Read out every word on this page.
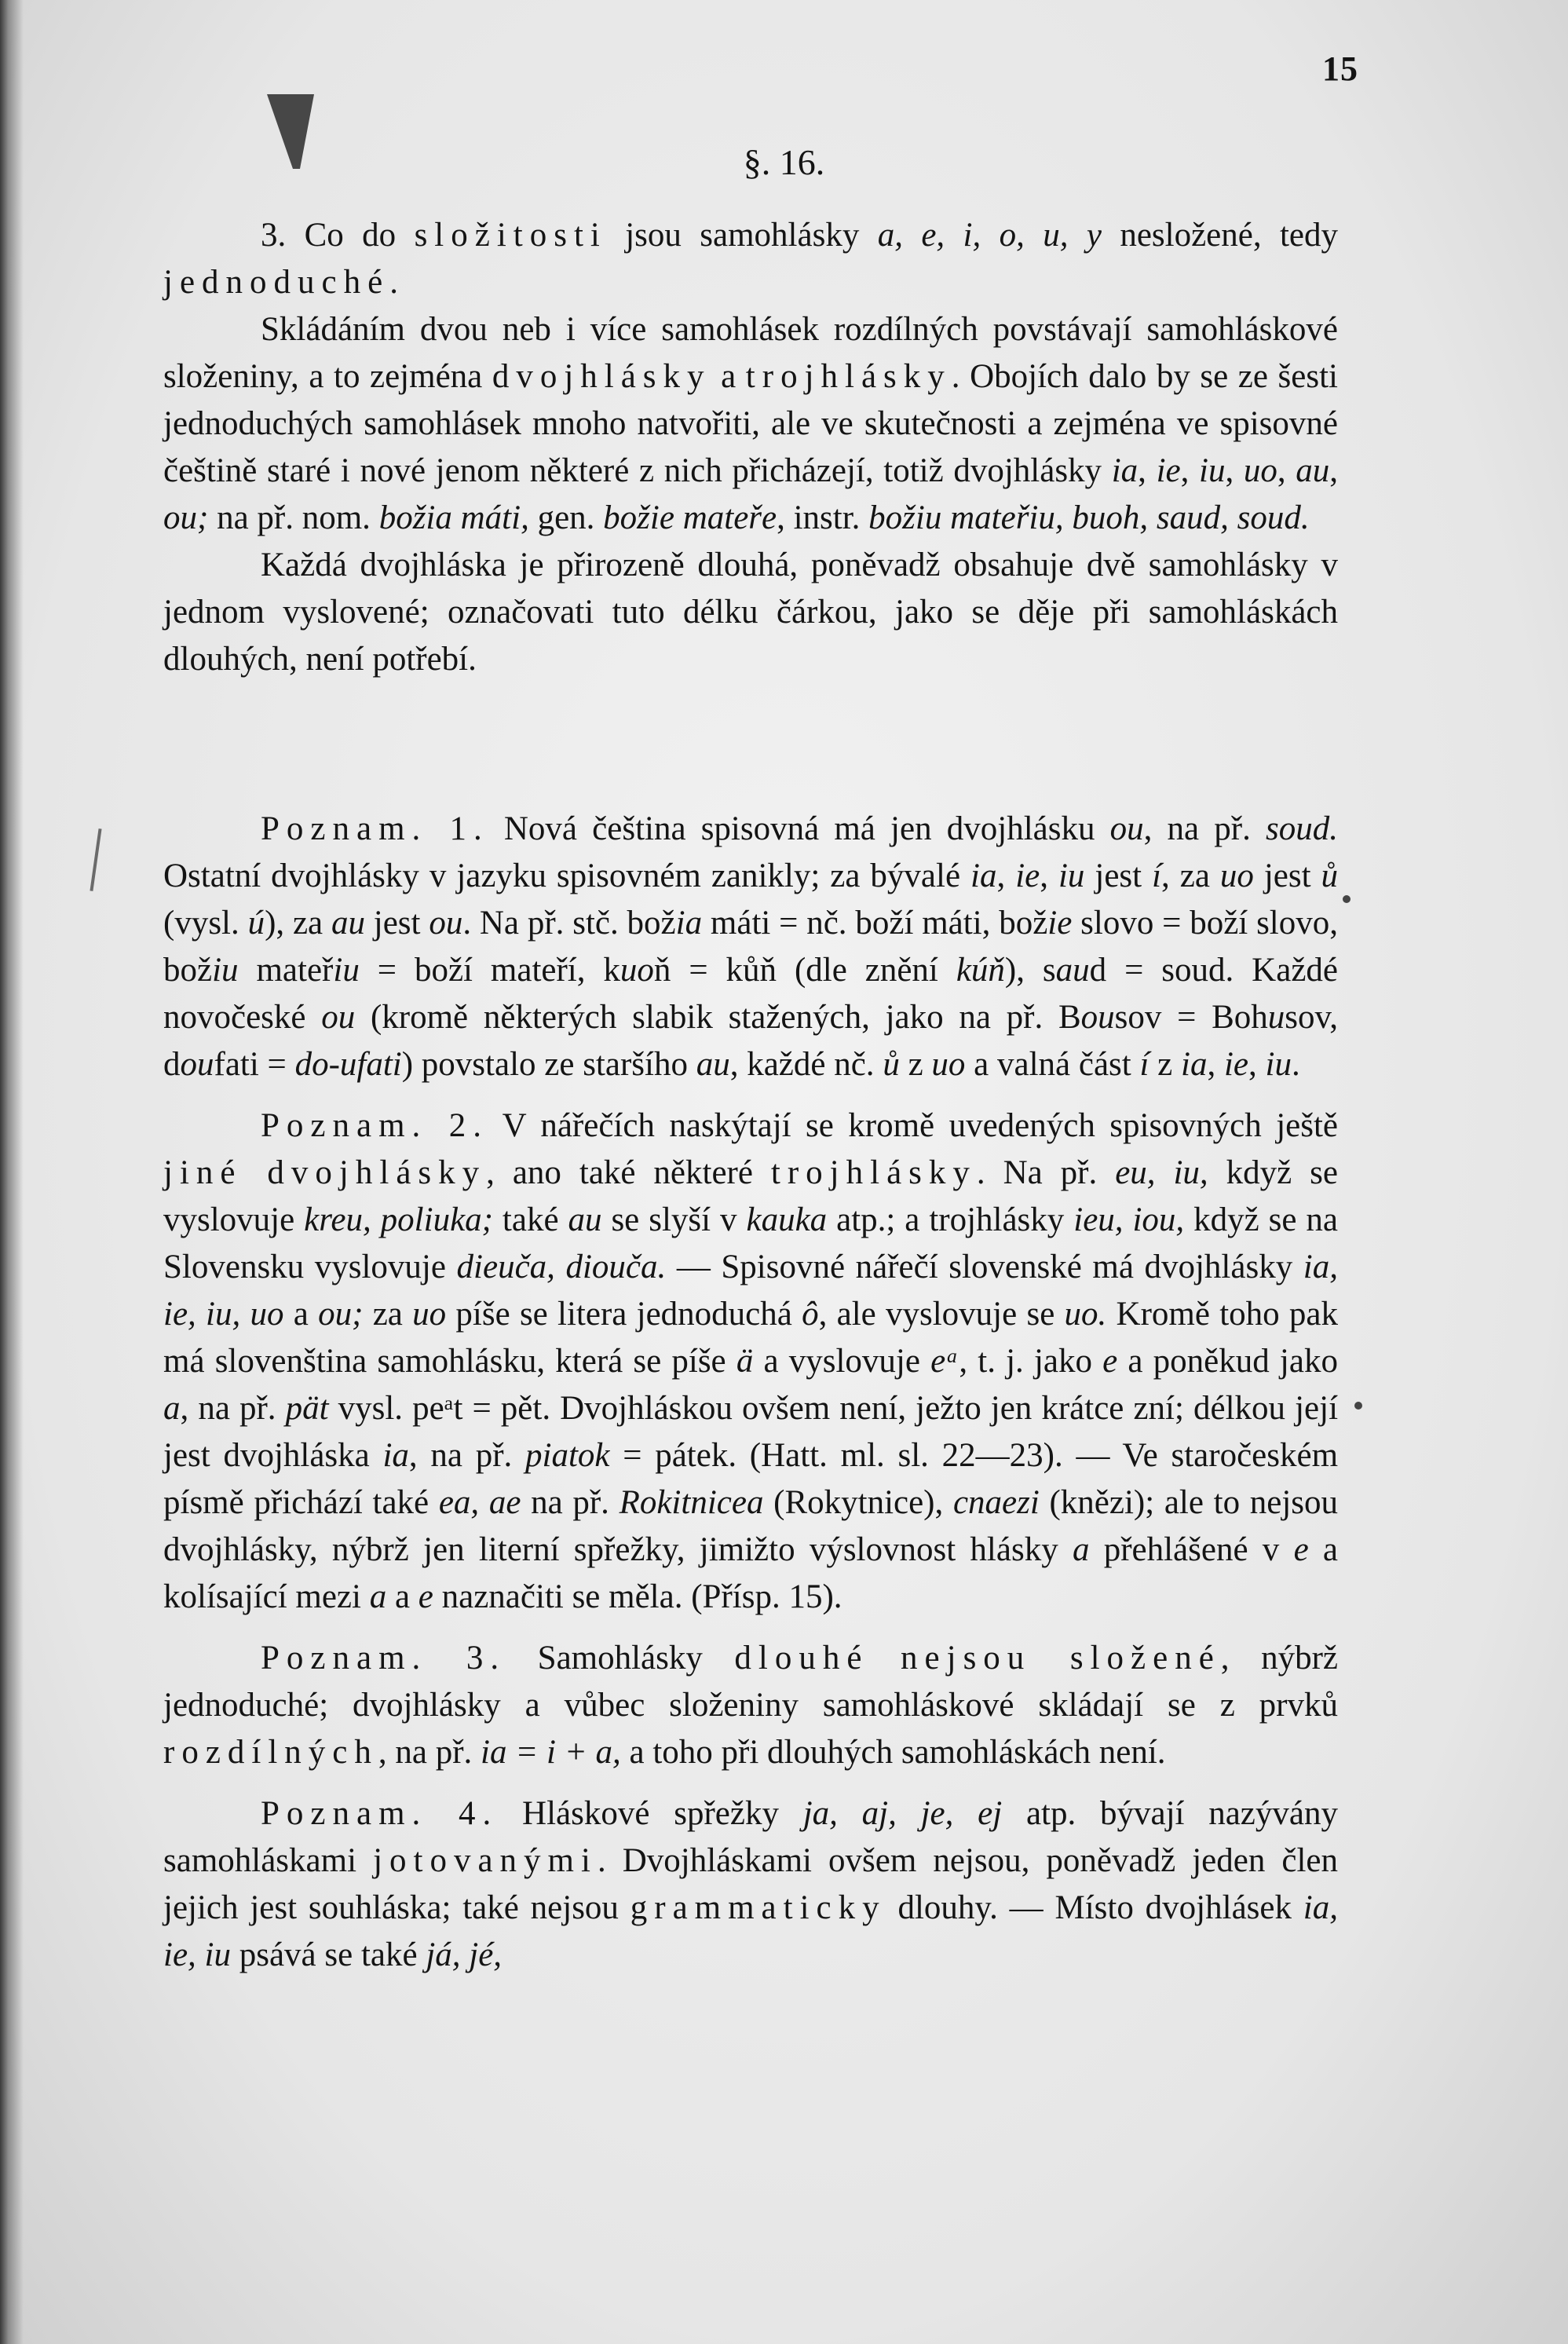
15
§. 16.

3. Co do složitosti jsou samohlásky a, e, i, o, u, y nesložené, tedy jednoduché.

Skládáním dvou neb i více samohlásek rozdílných povstávají samohláskové složeniny, a to zejména dvojhlásky a trojhlásky. Obojích dalo by se ze šesti jednoduchých samohlásek mnoho natvořiti, ale ve skutečnosti a zejména ve spisovné češtině staré i nové jenom některé z nich přicházejí, totiž dvojhlásky ia, ie, iu, uo, au, ou; na př. nom. božia máti, gen. božie mateře, instr. božiu mateřiu, buoh, saud, soud.

Každá dvojhláska je přirozeně dlouhá, poněvadž obsahuje dvě samohlásky v jednom vyslovené; označovati tuto délku čárkou, jako se děje při samohláskách dlouhých, není potřebí.

Poznam. 1. Nová čeština spisovná má jen dvojhlásku ou, na př. soud. Ostatní dvojhlásky v jazyku spisovném zanikly; za bývalé ia, ie, iu jest í, za uo jest ů (vysl. ú), za au jest ou. Na př. stč. božia máti = nč. boží máti, božie slovo = boží slovo, božiu mateřiu = boží mateří, kuoň = kůň (dle znění kúň), saud = soud. Každé novočeské ou (kromě některých slabik stažených, jako na př. Bousov = Bohusov, doufati = do-ufati) povstalo ze staršího au, každé nč. ů z uo a valná část í z ia, ie, iu.

Poznam. 2. V nářečích naskýtají se kromě uvedených spisovných ještě jiné dvojhlásky, ano také některé trojhlásky. Na př. eu, iu, když se vyslovuje kreu, poliuka; také au se slyší v kauka atp.; a trojhlásky ieu, iou, když se na Slovensku vyslovuje dieuča, diouča. — Spisovné nářečí slovenské má dvojhlásky ia, ie, iu, uo a ou; za uo píše se litera jednoduchá ô, ale vyslovuje se uo. Kromě toho pak má slovenština samohlásku, která se píše ä a vyslovuje eᵃ, t. j. jako e a poněkud jako a, na př. pät vysl. peᵃt = pět. Dvojhláskou ovšem není, ježto jen krátce zní; délkou její jest dvojhláska ia, na př. piatok = pátek. (Hatt. ml. sl. 22—23). — Ve staročeském písmě přichází také ea, ae na př. Rokitnicea (Rokytnice), cnaezi (knězi); ale to nejsou dvojhlásky, nýbrž jen literní spřežky, jimižto výslovnost hlásky a přehlášené v e a kolísající mezi a a e naznačiti se měla. (Přísp. 15).

Poznam. 3. Samohlásky dlouhé nejsou složené, nýbrž jednoduché; dvojhlásky a vůbec složeniny samohláskové skládají se z prvků rozdílných, na př. ia = i + a, a toho při dlouhých samohláskách není.

Poznam. 4. Hláskové spřežky ja, aj, je, ej atp. bývají nazývány samohláskami jotovanými. Dvojhláskami ovšem nejsou, poněvadž jeden člen jejich jest souhláska; také nejsou grammaticky dlouhy. — Místo dvojhlásek ia, ie, iu psává se také já, jé,
